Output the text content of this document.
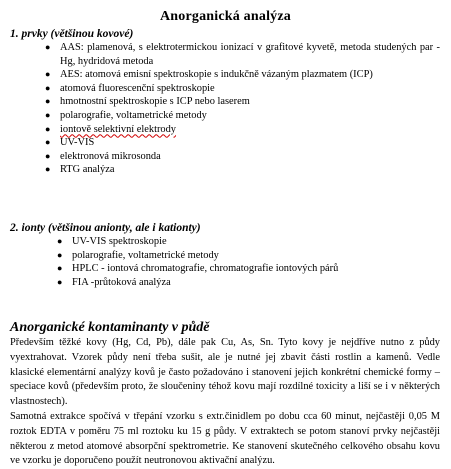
Anorganická analýza
1. prvky (většinou kovové)
● AAS: plamenová, s elektrotermickou ionizací v grafitové kyvetě, metoda studených par - Hg, hydridová metoda
● AES: atomová emisní spektroskopie s indukčně vázaným plazmatem (ICP)
● atomová fluorescenční spektroskopie
● hmotnostní spektroskopie s ICP nebo laserem
● polarografie, voltametrické metody
● iontově selektivní elektrody
● UV-VIS
● elektronová mikrosonda
● RTG analýza
2. ionty (většinou anionty, ale i kationty)
● UV-VIS spektroskopie
● polarografie, voltametrické metody
● HPLC - iontová chromatografie, chromatografie iontových párů
● FIA -průtoková analýza
Anorganické kontaminanty v půdě
Především těžké kovy (Hg, Cd, Pb), dále pak Cu, As, Sn. Tyto kovy je nejdříve nutno z půdy vyextrahovat. Vzorek půdy není třeba sušit, ale je nutné jej zbavit části rostlin a kamenů. Vedle klasické elementární analýzy kovů je často požadováno i stanovení jejich konkrétní chemické formy – speciace kovů (především proto, že sloučeniny téhož kovu mají rozdílné toxicity a liší se i v některých vlastnostech).
Samotná extrakce spočívá v třepání vzorku s extr.činidlem po dobu cca 60 minut, nejčastěji 0,05 M roztok EDTA v poměru 75 ml roztoku ku 15 g půdy. V extraktech se potom stanoví prvky nejčastěji některou z metod atomové absorpční spektrometrie. Ke stanovení skutečného celkového obsahu kovu ve vzorku je doporučeno použít neutronovou aktivační analýzu.
